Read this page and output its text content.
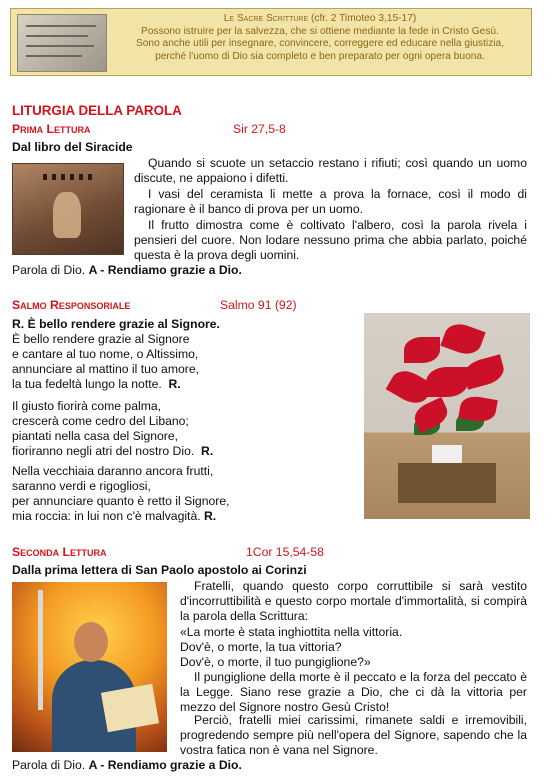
Le Sacre Scritture (cfr. 2 Timoteo 3,15-17)
Possono istruire per la salvezza, che si ottiene mediante la fede in Cristo Gesù.
Sono anche utili per insegnare, convincere, correggere ed educare nella giustizia,
perché l'uomo di Dio sia completo e ben preparato per ogni opera buona.
LITURGIA DELLA PAROLA
Prima Lettura	Sir 27,5-8
Dal libro del Siracide

Quando si scuote un setaccio restano i rifiuti; così quando un uomo discute, ne appaiono i difetti.

I vasi del ceramista li mette a prova la fornace, così il modo di ragionare è il banco di prova per un uomo.

Il frutto dimostra come è coltivato l'albero, così la parola rivela i pensieri del cuore. Non lodare nessuno prima che abbia parlato, poiché questa è la prova degli uomini.

Parola di Dio. A - Rendiamo grazie a Dio.
Salmo Responsoriale	Salmo 91 (92)
R. È bello rendere grazie al Signore.
È bello rendere grazie al Signore
e cantare al tuo nome, o Altissimo,
annunciare al mattino il tuo amore,
la tua fedeltà lungo la notte. R.
Il giusto fiorirà come palma,
crescerà come cedro del Libano;
piantati nella casa del Signore,
fioriranno negli atri del nostro Dio. R.
Nella vecchiaia daranno ancora frutti,
saranno verdi e rigogliosi,
per annunciare quanto è retto il Signore,
mia roccia: in lui non c'è malvagità. R.
Seconda Lettura	1Cor 15,54-58
Dalla prima lettera di San Paolo apostolo ai Corinzi

Fratelli, quando questo corpo corruttibile si sarà vestito d'incorruttibilità e questo corpo mortale d'immortalità, si compirà la parola della Scrittura:

«La morte è stata inghiottita nella vittoria.
Dov'è, o morte, la tua vittoria?
Dov'è, o morte, il tuo pungiglione?»

Il pungiglione della morte è il peccato e la forza del peccato è la Legge. Siano rese grazie a Dio, che ci dà la vittoria per mezzo del Signore nostro Gesù Cristo!

Perciò, fratelli miei carissimi, rimanete saldi e irremovibili, progredendo sempre più nell'opera del Signore, sapendo che la vostra fatica non è vana nel Signore.

Parola di Dio. A - Rendiamo grazie a Dio.
